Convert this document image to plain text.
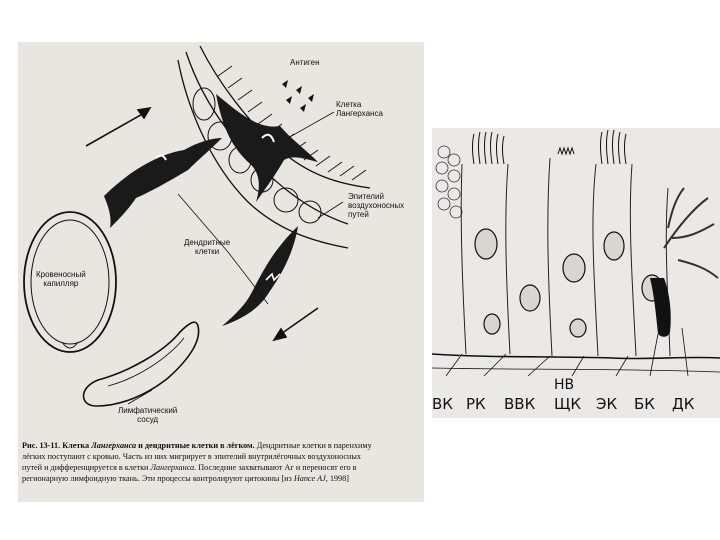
Антиген
Клетка
Лангерханса
Эпителий
воздухоносных
путей
Дендритные
клетки
Кровеносный
капилляр
Лимфатический
сосуд
Рис. 13-11. Клетка Лангерханса и дендритные клетки в лёгком. Дендритные клетки в паренхиму
лёгких поступают с кровью. Часть из них мигрирует в эпителий внутрилёгочных воздухоносных
путей и дифференцируется в клетки Лангерханса. Последние захватывают Аг и переносят его в
регионарную лимфоидную ткань. Эти процессы контролируют цитокины [из Hance AJ, 1998]
НВ
ВК РК ВВК ЩК ЭК БК ДК
